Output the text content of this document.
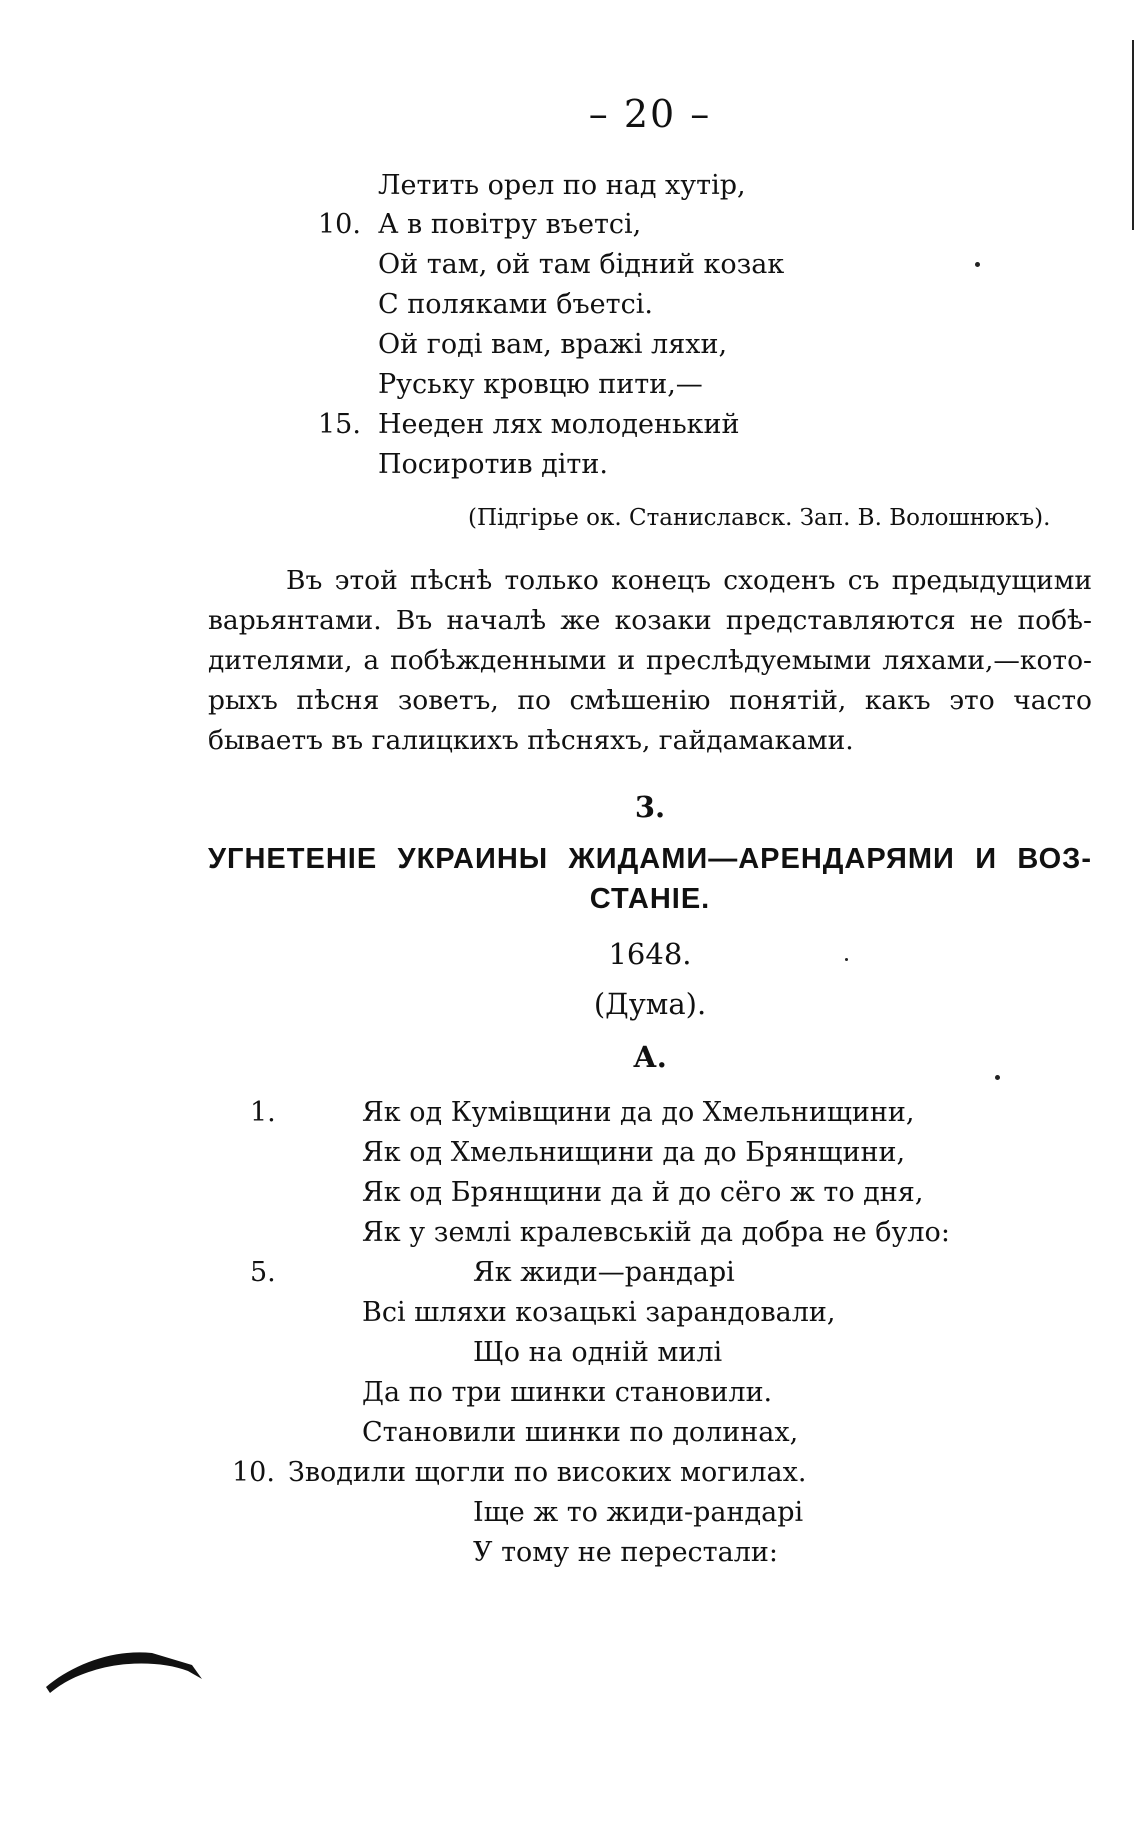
– 20 –
Летить орел по над хутір,
10. А в повітру въетсі,
Ой там, ой там бідний козак
С поляками бъетсі.
Ой годі вам, вражі ляхи,
Руську кровцю пити,—
15. Нееден лях молоденький
Посиротив діти.
(Підгірье ок. Станиславск. Зап. В. Волошнюкъ).
Въ этой пѣснѣ только конецъ сходенъ съ предыдущими
варьянтами. Въ началѣ же козаки представляются не побѣ-
дителями, а побѣжденными и преслѣдуемыми ляхами,—кото-
рыхъ пѣсня зоветъ, по смѣшенію понятій, какъ это часто
бываетъ въ галицкихъ пѣсняхъ, гайдамаками.
3.
УГНЕТЕНІЕ УКРАИНЫ ЖИДАМИ—АРЕНДАРЯМИ И ВОЗ-
СТАНІЕ.
1648.
(Дума).
А.
1.	Як од Кумівщини да до Хмельнищини,
Як од Хмельнищини да до Брянщини,
Як од Брянщини да й до сёго ж то дня,
Як у землі кралевській да добра не було:
5.	Як жиди—рандарі
Всі шляхи козацькі зарандовали,
Що на одній милі
Да по три шинки становили.
Становили шинки по долинах,
10. Зводили щогли по високих могилах.
Іще ж то жиди-рандарі
У тому не перестали:
